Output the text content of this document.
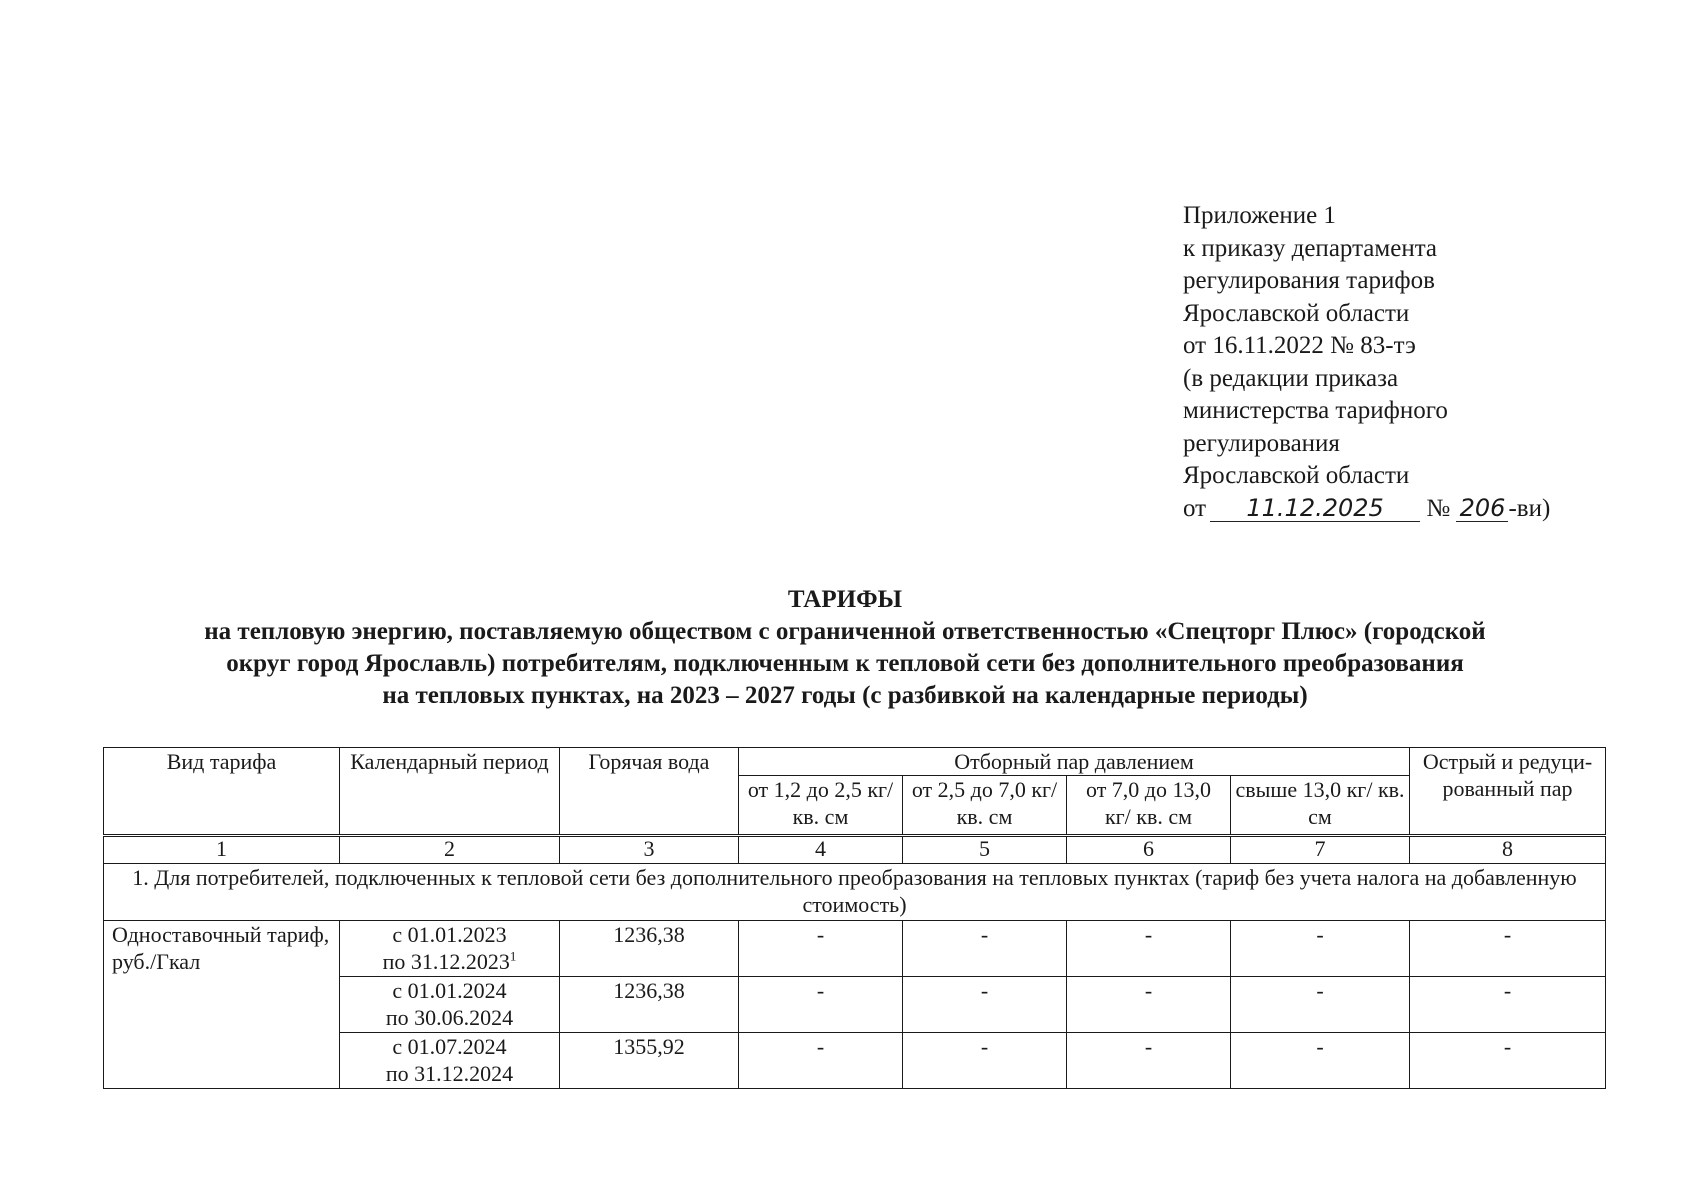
Приложение 1
к приказу департамента
регулирования тарифов
Ярославской области
от 16.11.2022 № 83-тэ
(в редакции приказа
министерства тарифного
регулирования
Ярославской области
от 11.12.2025 № 206 -ви)
ТАРИФЫ
на тепловую энергию, поставляемую обществом с ограниченной ответственностью «Спецторг Плюс» (городской
округ город Ярославль) потребителям, подключенным к тепловой сети без дополнительного преобразования
на тепловых пунктах, на 2023 – 2027 годы (с разбивкой на календарные периоды)
Вид тарифа	Календарный период	Горячая вода	Отборный пар давлением				Острый и редуци-рованный пар
			от 1,2 до 2,5 кг/ кв. см	от 2,5 до 7,0 кг/ кв. см	от 7,0 до 13,0 кг/ кв. см	свыше 13,0 кг/ кв. см	
1	2	3	4	5	6	7	8
1. Для потребителей, подключенных к тепловой сети без дополнительного преобразования на тепловых пунктах (тариф без учета налога на добавленную стоимость)							
Одноставочный тариф, руб./Гкал	с 01.01.2023
по 31.12.2023$^1$	1236,38	-	-	-	-	-
	с 01.01.2024
по 30.06.2024	1236,38	-	-	-	-	-
	с 01.07.2024
по 31.12.2024	1355,92	-	-	-	-	-
